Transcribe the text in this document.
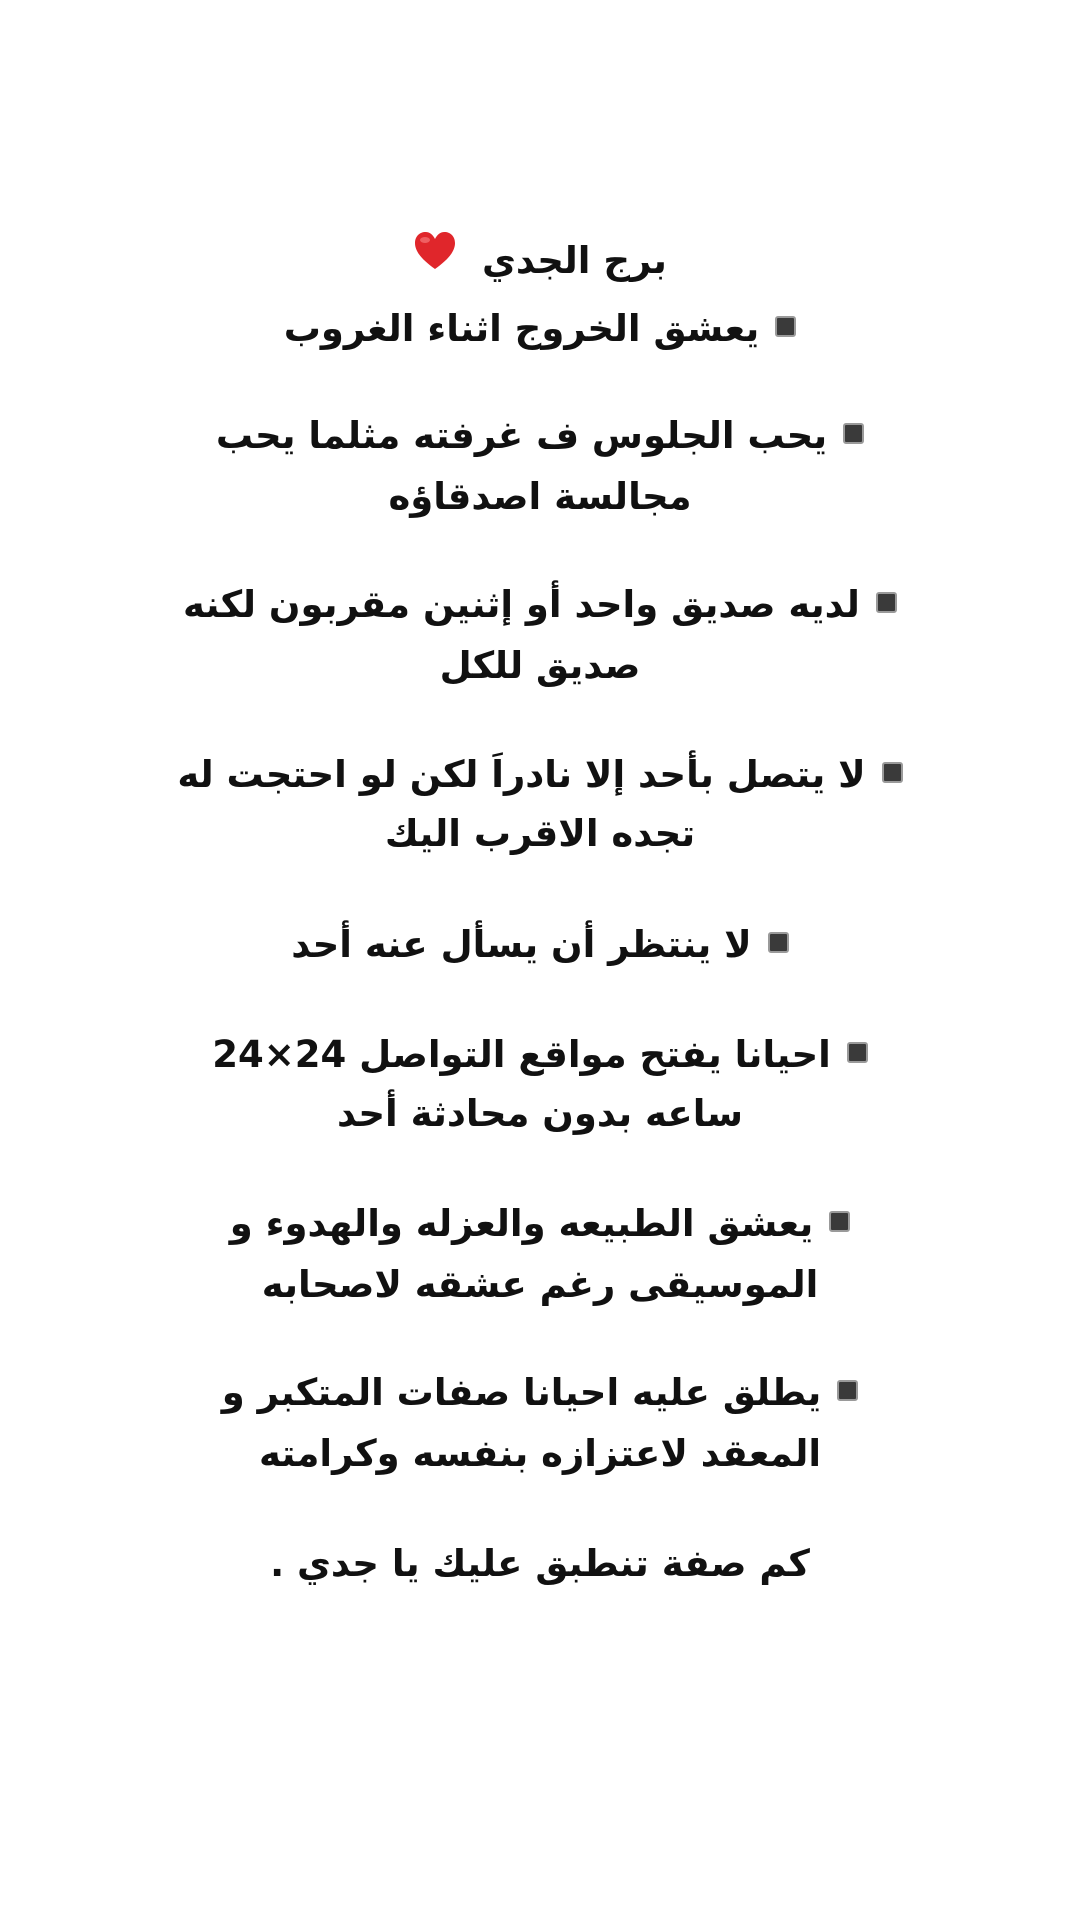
برج الجدي
يعشق الخروج اثناء الغروب
يحب الجلوس ف غرفته مثلما يحب
مجالسة اصدقاؤه
لديه صديق واحد أو إثنين مقربون لكنه
صديق للكل
لا يتصل بأحد إلا نادراَ لكن لو احتجت له
تجده الاقرب اليك
لا ينتظر أن يسأل عنه أحد
احيانا يفتح مواقع التواصل 24×24
ساعه بدون محادثة أحد
يعشق الطبيعه والعزله والهدوء و
الموسيقى رغم عشقه لاصحابه
يطلق عليه احيانا صفات المتكبر و
المعقد لاعتزازه بنفسه وكرامته
كم صفة تنطبق عليك يا جدي .
